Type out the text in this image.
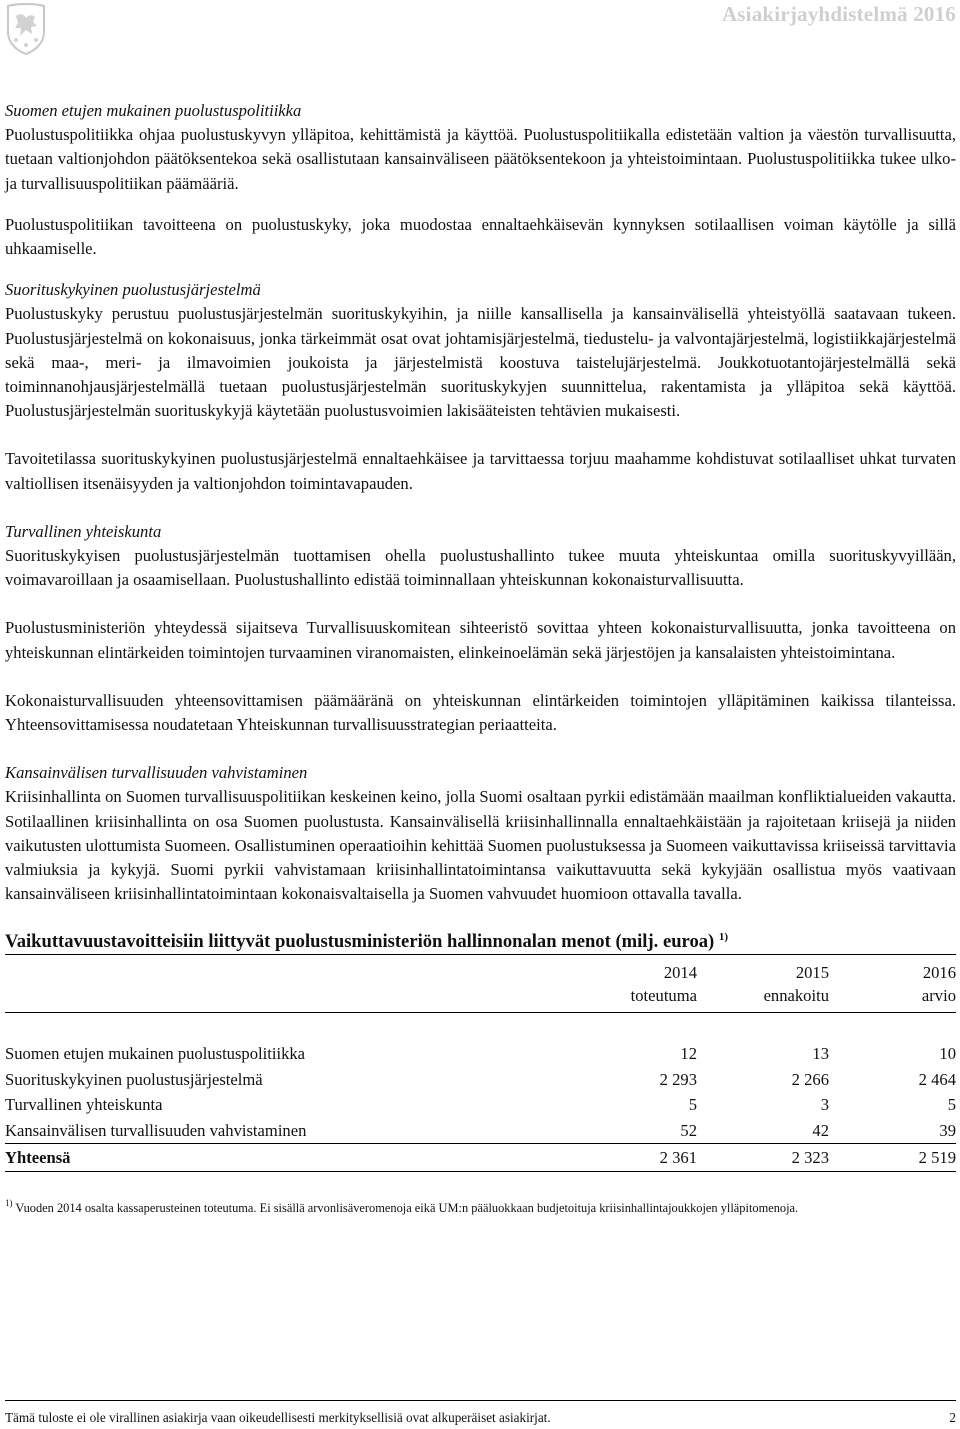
Asiakirjayhdistelmä 2016

Suomen etujen mukainen puolustuspolitiikka

Puolustuspolitiikka ohjaa puolustuskyvyn ylläpitoa, kehittämistä ja käyttöä. Puolustuspolitiikalla edistetään valtion ja väestön turvallisuutta, tuetaan valtionjohdon päätöksentekoa sekä osallistutaan kansainväliseen päätöksentekoon ja yhteistoimintaan. Puolustuspolitiikka tukee ulko- ja turvallisuuspolitiikan päämääriä.

Puolustuspolitiikan tavoitteena on puolustuskyky, joka muodostaa ennaltaehkäisevän kynnyksen sotilaallisen voiman käytölle ja sillä uhkaamiselle.

Suorituskykyinen puolustusjärjestelmä

Puolustuskyky perustuu puolustusjärjestelmän suorituskykyihin, ja niille kansallisella ja kansainvälisellä yhteistyöllä saatavaan tukeen. Puolustusjärjestelmä on kokonaisuus, jonka tärkeimmät osat ovat johtamisjärjestelmä, tiedustelu- ja valvontajärjestelmä, logistiikkajärjestelmä sekä maa-, meri- ja ilmavoimien joukoista ja järjestelmistä koostuva taistelujärjestelmä. Joukkotuotantojärjestelmällä sekä toiminnanohjausjärjestelmällä tuetaan puolustusjärjestelmän suorituskykyjen suunnittelua, rakentamista ja ylläpitoa sekä käyttöä. Puolustusjärjestelmän suorituskykyjä käytetään puolustusvoimien lakisääteisten tehtävien mukaisesti.

Tavoitetilassa suorituskykyinen puolustusjärjestelmä ennaltaehkäisee ja tarvittaessa torjuu maahamme kohdistuvat sotilaalliset uhkat turvaten valtiollisen itsenäisyyden ja valtionjohdon toimintavapauden.

Turvallinen yhteiskunta

Suorituskykyisen puolustusjärjestelmän tuottamisen ohella puolustushallinto tukee muuta yhteiskuntaa omilla suorituskyvyillään, voimavaroillaan ja osaamisellaan. Puolustushallinto edistää toiminnallaan yhteiskunnan kokonaisturvallisuutta.

Puolustusministeriön yhteydessä sijaitseva Turvallisuuskomitean sihteeristö sovittaa yhteen kokonaisturvallisuutta, jonka tavoitteena on yhteiskunnan elintärkeiden toimintojen turvaaminen viranomaisten, elinkeinoelämän sekä järjestöjen ja kansalaisten yhteistoimintana.

Kokonaisturvallisuuden yhteensovittamisen päämääränä on yhteiskunnan elintärkeiden toimintojen ylläpitäminen kaikissa tilanteissa. Yhteensovittamisessa noudatetaan Yhteiskunnan turvallisuusstrategian periaatteita.

Kansainvälisen turvallisuuden vahvistaminen

Kriisinhallinta on Suomen turvallisuuspolitiikan keskeinen keino, jolla Suomi osaltaan pyrkii edistämään maailman konfliktialueiden vakautta. Sotilaallinen kriisinhallinta on osa Suomen puolustusta. Kansainvälisellä kriisinhallinnalla ennaltaehkäistään ja rajoitetaan kriisejä ja niiden vaikutusten ulottumista Suomeen. Osallistuminen operaatioihin kehittää Suomen puolustuksessa ja Suomeen vaikuttavissa kriiseissä tarvittavia valmiuksia ja kykyjä. Suomi pyrkii vahvistamaan kriisinhallintatoimintansa vaikuttavuutta sekä kykyjään osallistua myös vaativaan kansainväliseen kriisinhallintatoimintaan kokonaisvaltaisella ja Suomen vahvuudet huomioon ottavalla tavalla.

Vaikuttavuustavoitteisiin liittyvät puolustusministeriön hallinnonalan menot (milj. euroa) $^{1)}$

	2014	2015	2016
	toteutuma	ennakoitu	arvio

Suomen etujen mukainen puolustuspolitiikka	12	13	10
Suorituskykyinen puolustusjärjestelmä	2 293	2 266	2 464
Turvallinen yhteiskunta	5	3	5
Kansainvälisen turvallisuuden vahvistaminen	52	42	39
Yhteensä	2 361	2 323	2 519
$^{1)}$ Vuoden 2014 osalta kassaperusteinen toteutuma. Ei sisällä arvonlisäveromenoja eikä UM:n pääluokkaan budjetoituja kriisinhallintajoukkojen ylläpitomenoja.
Tämä tuloste ei ole virallinen asiakirja vaan oikeudellisesti merkityksellisiä ovat alkuperäiset asiakirjat.	2
